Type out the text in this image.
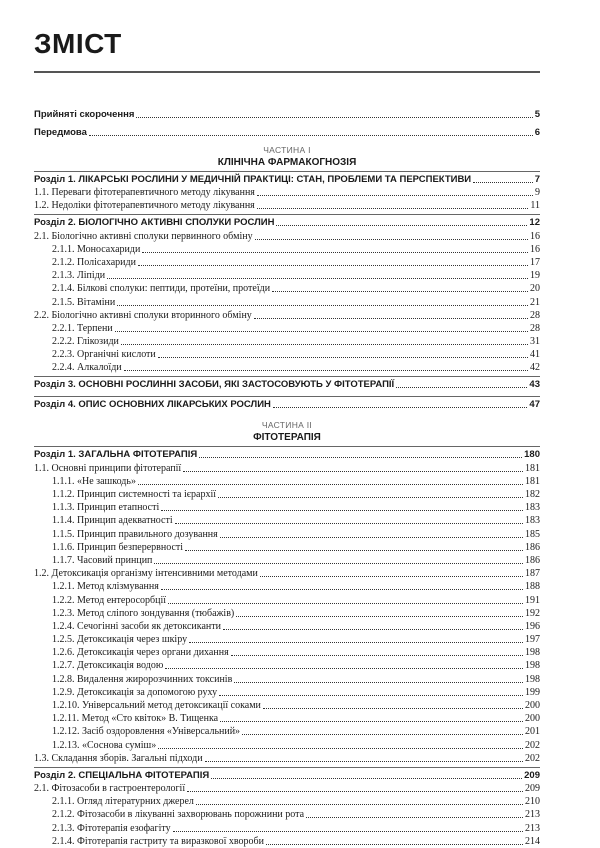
ЗМІСТ
Прийняті скорочення	5
Передмова	6
ЧАСТИНА І
КЛІНІЧНА ФАРМАКОГНОЗІЯ
Розділ 1. ЛІКАРСЬКІ РОСЛИНИ У МЕДИЧНІЙ ПРАКТИЦІ: СТАН, ПРОБЛЕМИ ТА ПЕРСПЕКТИВИ	7
1.1. Переваги фітотерапевтичного методу лікування	9
1.2. Недоліки фітотерапевтичного методу лікування	11
Розділ 2. БІОЛОГІЧНО АКТИВНІ СПОЛУКИ РОСЛИН	12
2.1. Біологічно активні сполуки первинного обміну	16
2.1.1. Моносахариди	16
2.1.2. Полісахариди	17
2.1.3. Ліпіди	19
2.1.4. Білкові сполуки: пептиди, протеїни, протеїди	20
2.1.5. Вітаміни	21
2.2. Біологічно активні сполуки вторинного обміну	28
2.2.1. Терпени	28
2.2.2. Глікозиди	31
2.2.3. Органічні кислоти	41
2.2.4. Алкалоїди	42
Розділ 3. ОСНОВНІ РОСЛИННІ ЗАСОБИ, ЯКІ ЗАСТОСОВУЮТЬ У ФІТОТЕРАПІЇ	43
Розділ 4. ОПИС ОСНОВНИХ ЛІКАРСЬКИХ РОСЛИН	47
ЧАСТИНА ІІ
ФІТОТЕРАПІЯ
Розділ 1. ЗАГАЛЬНА ФІТОТЕРАПІЯ	180
1.1. Основні принципи фітотерапії	181
1.1.1. «Не зашкодь»	181
1.1.2. Принцип системності та ієрархії	182
1.1.3. Принцип етапності	183
1.1.4. Принцип адекватності	183
1.1.5. Принцип правильного дозування	185
1.1.6. Принцип безперервності	186
1.1.7. Часовий принцип	186
1.2. Детоксикація організму інтенсивними методами	187
1.2.1. Метод клізмування	188
1.2.2. Метод ентеросорбції	191
1.2.3. Метод сліпого зондування (тюбажів)	192
1.2.4. Сечогінні засоби як детоксиканти	196
1.2.5. Детоксикація через шкіру	197
1.2.6. Детоксикація через органи дихання	198
1.2.7. Детоксикація водою	198
1.2.8. Видалення жиророзчинних токсинів	198
1.2.9. Детоксикація за допомогою руху	199
1.2.10. Універсальний метод детоксикації соками	200
1.2.11. Метод «Сто квіток» В. Тищенка	200
1.2.12. Засіб оздоровлення «Універсальний»	201
1.2.13. «Соснова суміш»	202
1.3. Складання зборів. Загальні підходи	202
Розділ 2. СПЕЦІАЛЬНА ФІТОТЕРАПІЯ	209
2.1. Фітозасоби в гастроентерології	209
2.1.1. Огляд літературних джерел	210
2.1.2. Фітозасоби в лікуванні захворювань порожнини рота	213
2.1.3. Фітотерапія езофагіту	213
2.1.4. Фітотерапія гастриту та виразкової хвороби	214
